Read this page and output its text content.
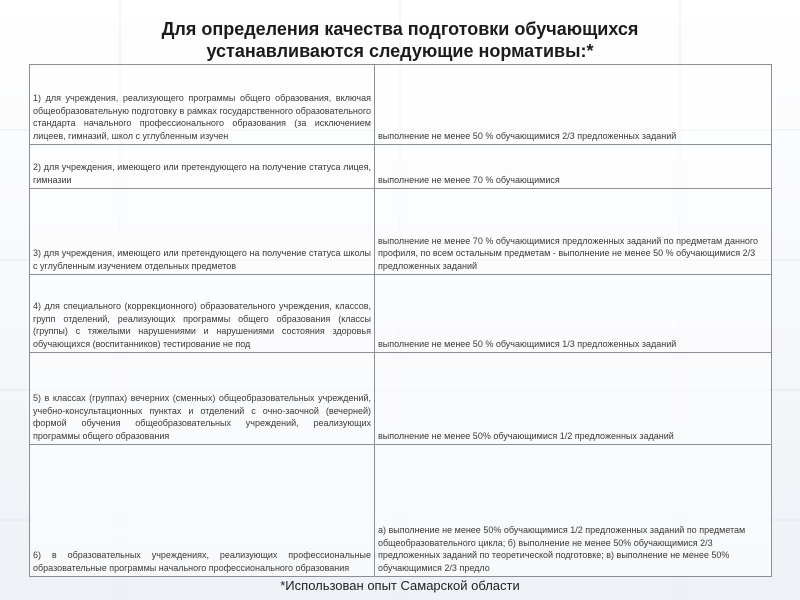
Для определения качества подготовки обучающихся
устанавливаются следующие нормативы:*
1) для учреждения, реализующего программы общего образования, включая общеобразовательную подготовку в рамках государственного образовательного стандарта начального профессионального образования (за исключением лицеев, гимназий, школ с углубленным изучен	выполнение не менее 50 % обучающимися 2/3 предложенных заданий
2) для учреждения, имеющего или претендующего на получение статуса лицея, гимназии	выполнение не менее 70 % обучающимися
3) для учреждения, имеющего или претендующего на получение статуса школы с углубленным изучением отдельных предметов	выполнение не менее 70 % обучающимися предложенных заданий по предметам данного профиля, по всем остальным предметам - выполнение не менее 50 % обучающимися 2/3 предложенных заданий
4) для специального (коррекционного) образовательного учреждения, классов, групп отделений, реализующих программы общего образования (классы (группы) с тяжелыми нарушениями и нарушениями состояния здоровья обучающихся (воспитанников) тестирование не под	выполнение не менее 50 % обучающимися 1/3 предложенных заданий
5) в классах (группах) вечерних (сменных) общеобразовательных учреждений, учебно-консультационных пунктах и отделений с очно-заочной (вечерней) формой обучения общеобразовательных учреждений, реализующих программы общего образования	выполнение не менее 50% обучающимися 1/2 предложенных заданий
6) в образовательных учреждениях, реализующих профессиональные образовательные программы начального профессионального образования	а) выполнение не менее 50% обучающимися 1/2 предложенных заданий по предметам общеобразовательного цикла; б) выполнение не менее 50% обучающимися 2/3 предложенных заданий по теоретической подготовке; в) выполнение не менее 50% обучающимися 2/3 предло
*Использован опыт Самарской области
